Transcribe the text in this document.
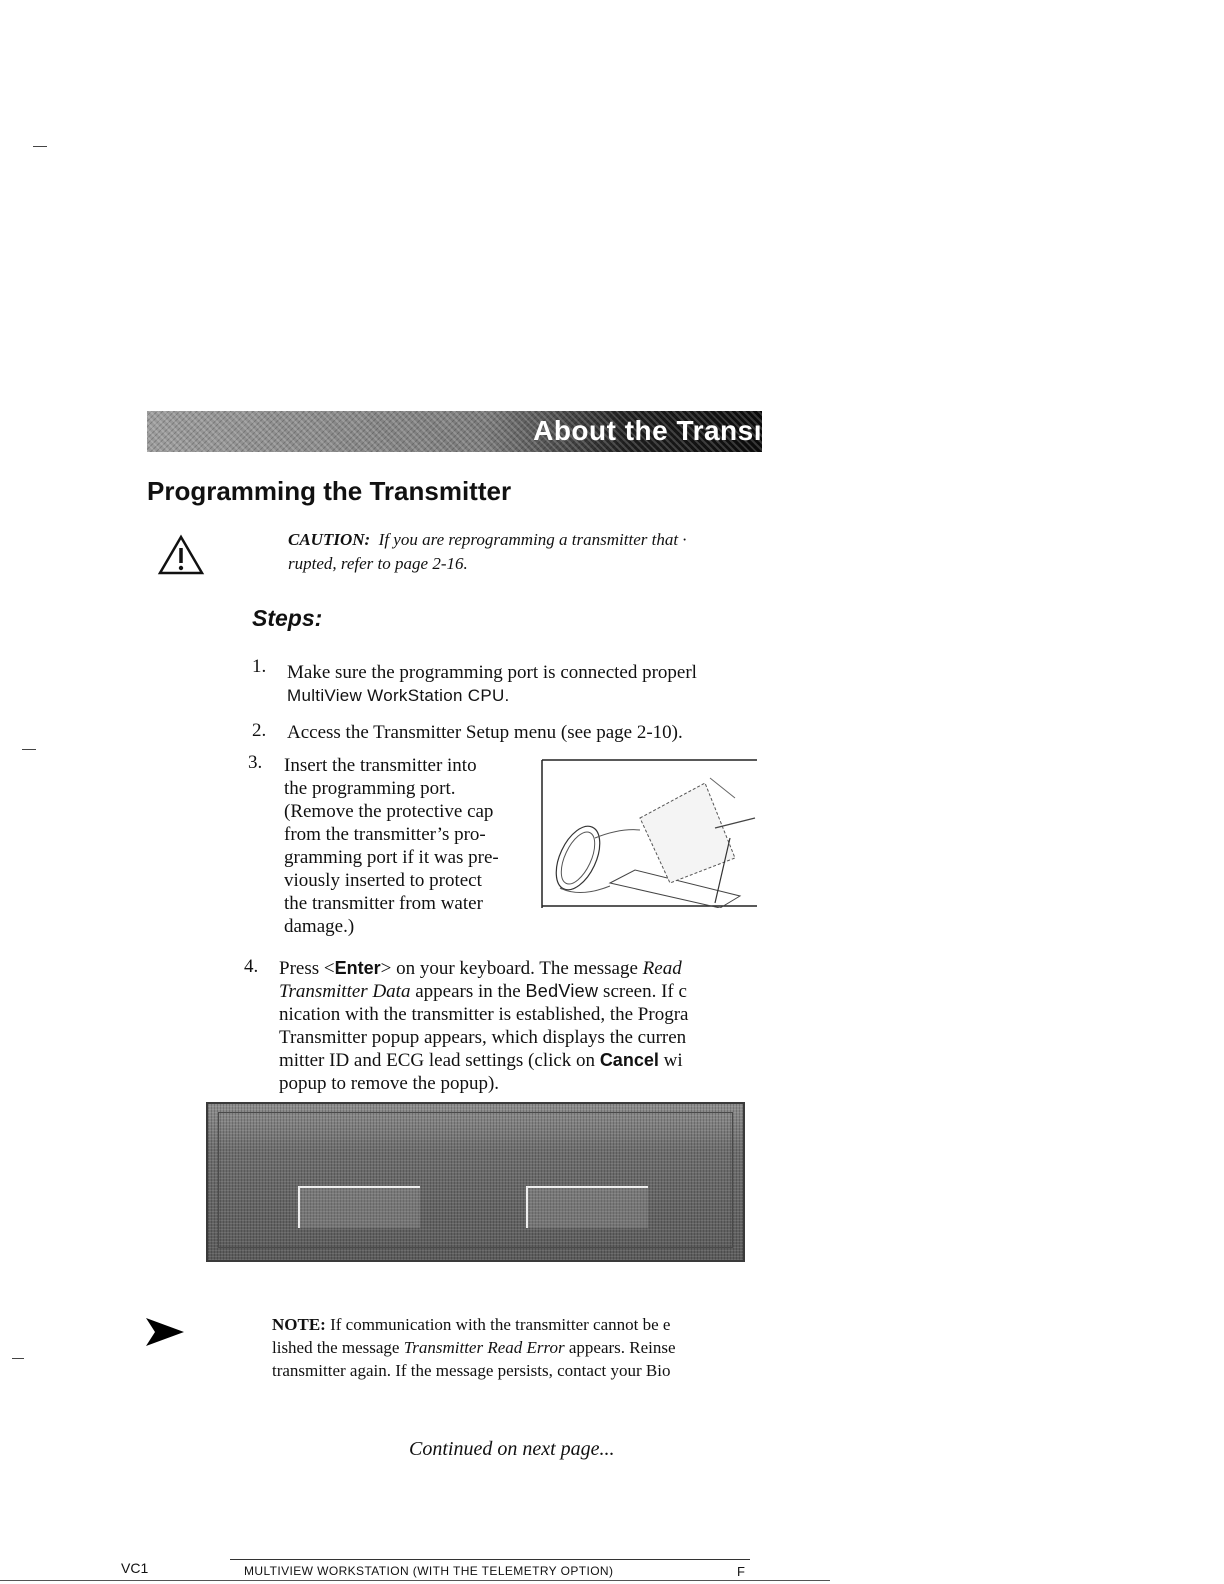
About the Transı
Programming the Transmitter
CAUTION: If you are reprogramming a transmitter that ·
rupted, refer to page 2-16.
Steps:
1. Make sure the programming port is connected properl
MultiView WorkStation CPU.
2. Access the Transmitter Setup menu (see page 2-10).
3. Insert the transmitter into
the programming port.
(Remove the protective cap
from the transmitter’s pro-
gramming port if it was pre-
viously inserted to protect
the transmitter from water
damage.)
4. Press <Enter> on your keyboard. The message Read
Transmitter Data appears in the BedView screen. If c
nication with the transmitter is established, the Progra
Transmitter popup appears, which displays the curren
mitter ID and ECG lead settings (click on Cancel wi
popup to remove the popup).
NOTE: If communication with the transmitter cannot be e
lished the message Transmitter Read Error appears. Reinse
transmitter again. If the message persists, contact your Bio
Continued on next page...
VC1	MULTIVIEW WORKSTATION (WITH THE TELEMETRY OPTION)	F
